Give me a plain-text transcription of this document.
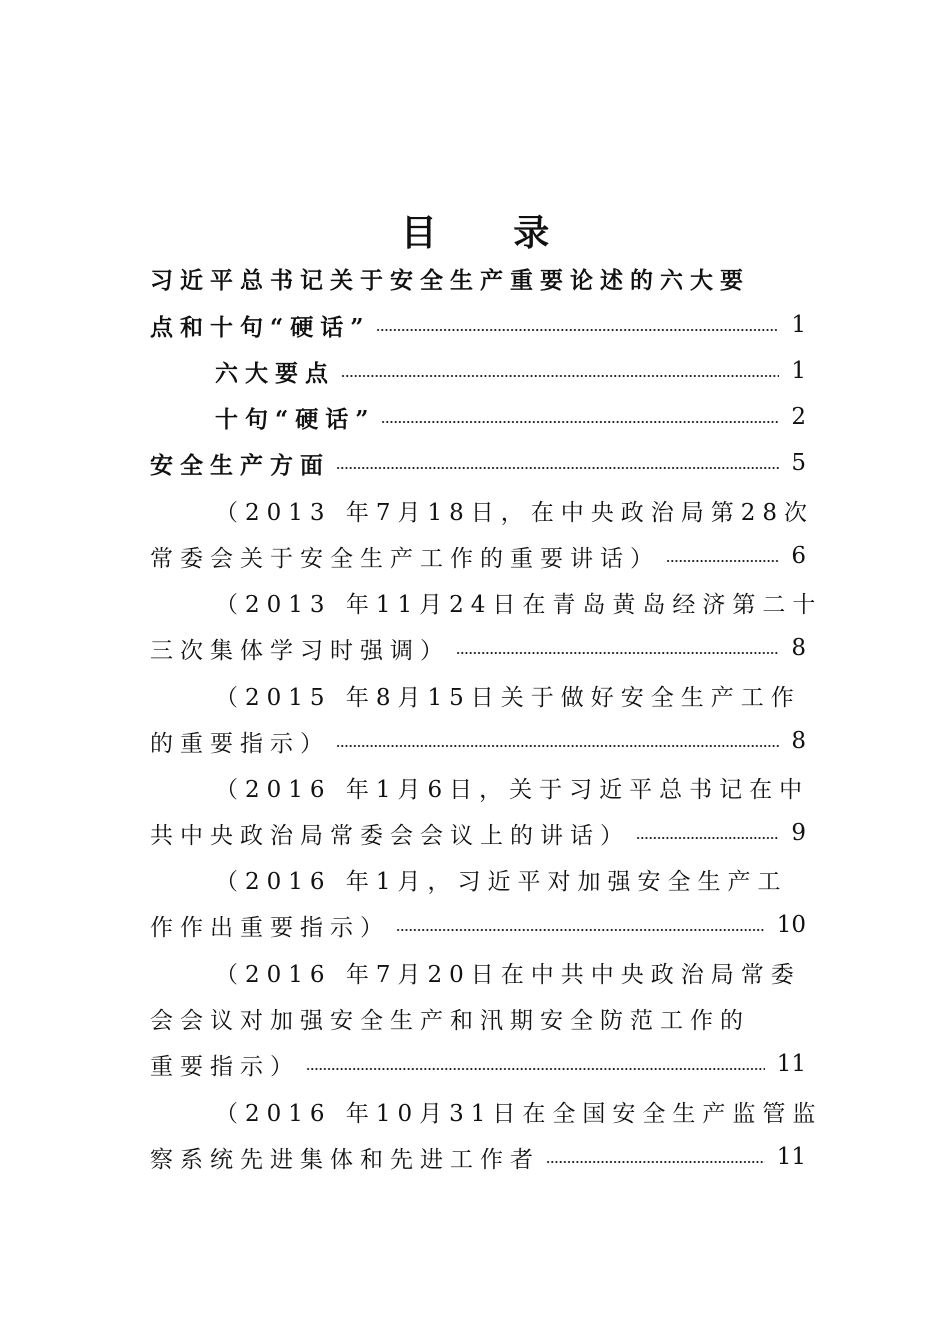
目 录
习近平总书记关于安全生产重要论述的六大要
点和十句“硬话”	1
六大要点	1
十句“硬话”	2
安全生产方面	5
（2013 年7月18日，在中央政治局第28次
常委会关于安全生产工作的重要讲话）	6
（2013 年11月24日在青岛黄岛经济第二十
三次集体学习时强调）	8
（2015 年8月15日关于做好安全生产工作
的重要指示）	8
（2016 年1月6日，关于习近平总书记在中
共中央政治局常委会会议上的讲话）	9
（2016 年1月，习近平对加强安全生产工
作作出重要指示）	10
（2016 年7月20日在中共中央政治局常委
会会议对加强安全生产和汛期安全防范工作的
重要指示）	11
（2016 年10月31日在全国安全生产监管监
察系统先进集体和先进工作者	11
